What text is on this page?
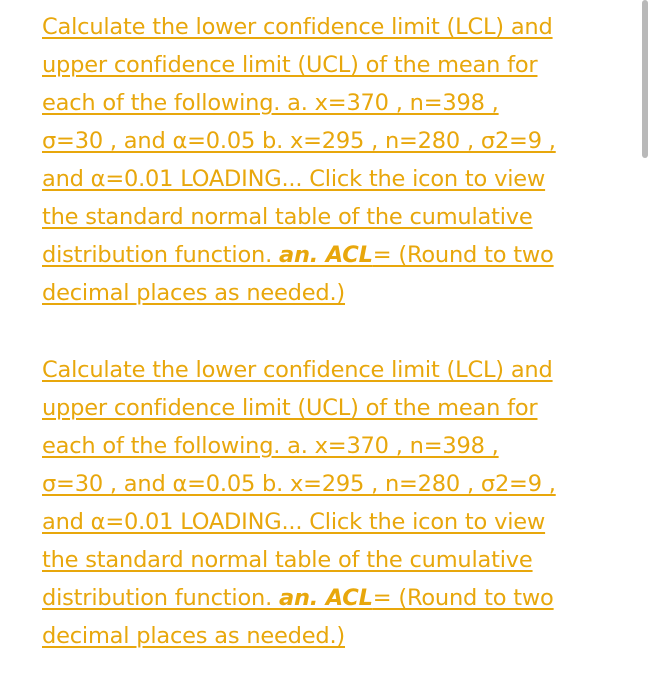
Calculate the lower confidence limit (LCL) and
upper confidence limit (UCL) of the mean for
each of the following. a. x=370 , n=398 ,
σ=30 , and α=0.05 b. x=295 , n=280 , σ2=9 ,
and α=0.01 LOADING... Click the icon to view
the standard normal table of the cumulative
distribution function. an. ACL= (Round to two
decimal places as needed.)
Calculate the lower confidence limit (LCL) and
upper confidence limit (UCL) of the mean for
each of the following. a. x=370 , n=398 ,
σ=30 , and α=0.05 b. x=295 , n=280 , σ2=9 ,
and α=0.01 LOADING... Click the icon to view
the standard normal table of the cumulative
distribution function. an. ACL= (Round to two
decimal places as needed.)
